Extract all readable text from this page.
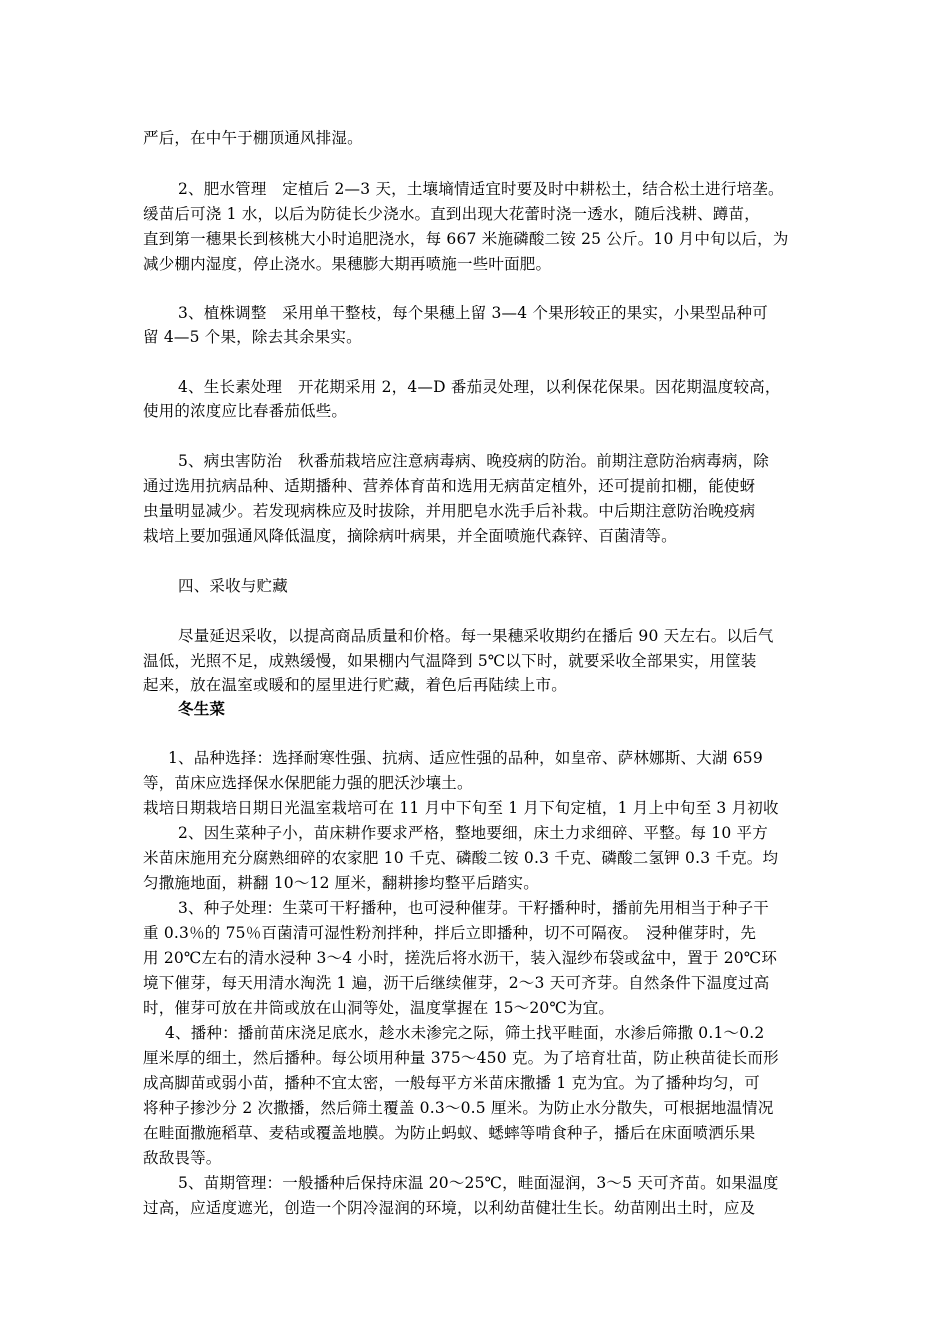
严后，在中午于棚顶通风排湿。
2、肥水管理　定植后 2—3 天，土壤墒情适宜时要及时中耕松土，结合松土进行培垄。
缓苗后可浇 1 水，以后为防徒长少浇水。直到出现大花蕾时浇一透水，随后浅耕、蹲苗，
直到第一穗果长到核桃大小时追肥浇水，每 667 米施磷酸二铵 25 公斤。10 月中旬以后，为
减少棚内湿度，停止浇水。果穗膨大期再喷施一些叶面肥。
3、植株调整　采用单干整枝，每个果穗上留 3—4 个果形较正的果实，小果型品种可
留 4—5 个果，除去其余果实。
4、生长素处理　开花期采用 2，4—D 番茄灵处理，以利保花保果。因花期温度较高，
使用的浓度应比春番茄低些。
5、病虫害防治　秋番茄栽培应注意病毒病、晚疫病的防治。前期注意防治病毒病，除
通过选用抗病品种、适期播种、营养体育苗和选用无病苗定植外，还可提前扣棚，能使蚜
虫量明显减少。若发现病株应及时拔除，并用肥皂水洗手后补栽。中后期注意防治晚疫病
栽培上要加强通风降低温度，摘除病叶病果，并全面喷施代森锌、百菌清等。
四、采收与贮藏
尽量延迟采收，以提高商品质量和价格。每一果穗采收期约在播后 90 天左右。以后气
温低，光照不足，成熟缓慢，如果棚内气温降到 5℃以下时，就要采收全部果实，用筐装
起来，放在温室或暖和的屋里进行贮藏，着色后再陆续上市。
冬生菜
1、品种选择：选择耐寒性强、抗病、适应性强的品种，如皇帝、萨林娜斯、大湖 659
等，苗床应选择保水保肥能力强的肥沃沙壤土。
栽培日期栽培日期日光温室栽培可在 11 月中下旬至 1 月下旬定植，1 月上中旬至 3 月初收
2、因生菜种子小，苗床耕作要求严格，整地要细，床土力求细碎、平整。每 10 平方
米苗床施用充分腐熟细碎的农家肥 10 千克、磷酸二铵 0.3 千克、磷酸二氢钾 0.3 千克。均
匀撒施地面，耕翻 10～12 厘米，翻耕掺均整平后踏实。
3、种子处理：生菜可干籽播种，也可浸种催芽。干籽播种时，播前先用相当于种子干
重 0.3％的 75％百菌清可湿性粉剂拌种，拌后立即播种，切不可隔夜。　浸种催芽时，先
用 20℃左右的清水浸种 3～4 小时，搓洗后将水沥干，装入湿纱布袋或盆中，置于 20℃环
境下催芽，每天用清水淘洗 1 遍，沥干后继续催芽，2～3 天可齐芽。自然条件下温度过高
时，催芽可放在井筒或放在山洞等处，温度掌握在 15～20℃为宜。
4、播种：播前苗床浇足底水，趁水未渗完之际，筛土找平畦面，水渗后筛撒 0.1～0.2
厘米厚的细土，然后播种。每公顷用种量 375～450 克。为了培育壮苗，防止秧苗徒长而形
成高脚苗或弱小苗，播种不宜太密，一般每平方米苗床撒播 1 克为宜。为了播种均匀，可
将种子掺沙分 2 次撒播，然后筛土覆盖 0.3～0.5 厘米。为防止水分散失，可根据地温情况
在畦面撒施稻草、麦秸或覆盖地膜。为防止蚂蚁、蟋蟀等啃食种子，播后在床面喷洒乐果
敌敌畏等。
5、苗期管理：一般播种后保持床温 20～25℃，畦面湿润，3～5 天可齐苗。如果温度
过高，应适度遮光，创造一个阴冷湿润的环境，以利幼苗健壮生长。幼苗刚出土时，应及
